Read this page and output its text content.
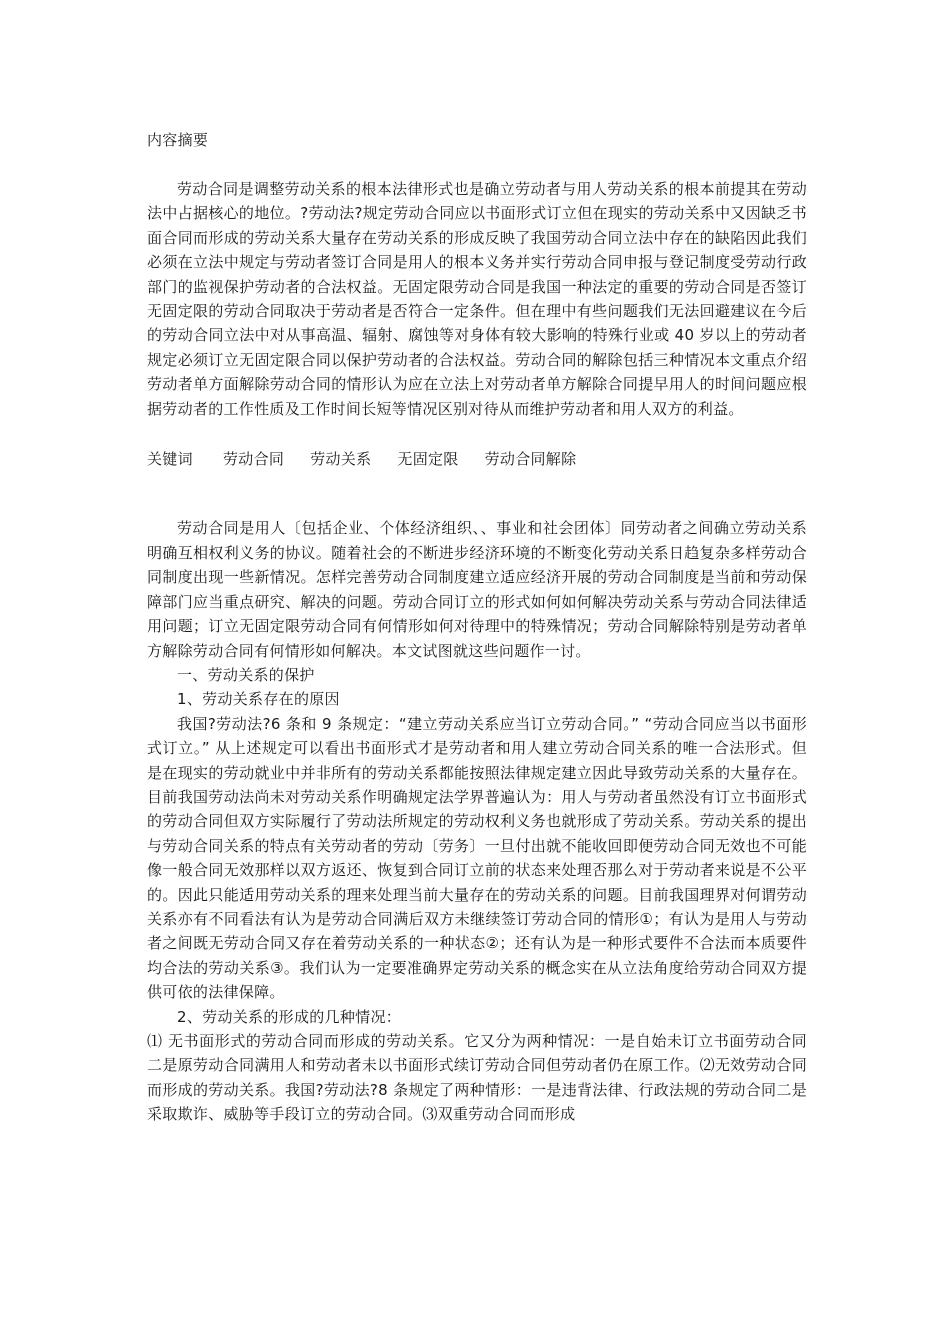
内容摘要

劳动合同是调整劳动关系的根本法律形式也是确立劳动者与用人劳动关系的根本前提其在劳动法中占据核心的地位。?劳动法?规定劳动合同应以书面形式订立但在现实的劳动关系中又因缺乏书面合同而形成的劳动关系大量存在劳动关系的形成反映了我国劳动合同立法中存在的缺陷因此我们必须在立法中规定与劳动者签订合同是用人的根本义务并实行劳动合同申报与登记制度受劳动行政部门的监视保护劳动者的合法权益。无固定限劳动合同是我国一种法定的重要的劳动合同是否签订无固定限的劳动合同取决于劳动者是否符合一定条件。但在理中有些问题我们无法回避建议在今后的劳动合同立法中对从事高温、辐射、腐蚀等对身体有较大影响的特殊行业或 40 岁以上的劳动者规定必须订立无固定限合同以保护劳动者的合法权益。劳动合同的解除包括三种情况本文重点介绍劳动者单方面解除劳动合同的情形认为应在立法上对劳动者单方解除合同提早用人的时间问题应根据劳动者的工作性质及工作时间长短等情况区别对待从而维护劳动者和用人双方的利益。

关键词 劳动合同 劳动关系 无固定限 劳动合同解除

劳动合同是用人〔包括企业、个体经济组织、、事业和社会团体〕同劳动者之间确立劳动关系明确互相权利义务的协议。随着社会的不断进步经济环境的不断变化劳动关系日趋复杂多样劳动合同制度出现一些新情况。怎样完善劳动合同制度建立适应经济开展的劳动合同制度是当前和劳动保障部门应当重点研究、解决的问题。劳动合同订立的形式如何如何解决劳动关系与劳动合同法律适用问题；订立无固定限劳动合同有何情形如何对待理中的特殊情况；劳动合同解除特别是劳动者单方解除劳动合同有何情形如何解决。本文试图就这些问题作一讨。

一、劳动关系的保护

1、劳动关系存在的原因

我国?劳动法?6 条和 9 条规定：“建立劳动关系应当订立劳动合同。” “劳动合同应当以书面形式订立。” 从上述规定可以看出书面形式才是劳动者和用人建立劳动合同关系的唯一合法形式。但是在现实的劳动就业中并非所有的劳动关系都能按照法律规定建立因此导致劳动关系的大量存在。目前我国劳动法尚未对劳动关系作明确规定法学界普遍认为：用人与劳动者虽然没有订立书面形式的劳动合同但双方实际履行了劳动法所规定的劳动权利义务也就形成了劳动关系。劳动关系的提出与劳动合同关系的特点有关劳动者的劳动〔劳务〕一旦付出就不能收回即便劳动合同无效也不可能像一般合同无效那样以双方返还、恢复到合同订立前的状态来处理否那么对于劳动者来说是不公平的。因此只能适用劳动关系的理来处理当前大量存在的劳动关系的问题。目前我国理界对何谓劳动关系亦有不同看法有认为是劳动合同满后双方未继续签订劳动合同的情形①；有认为是用人与劳动者之间既无劳动合同又存在着劳动关系的一种状态②；还有认为是一种形式要件不合法而本质要件均合法的劳动关系③。我们认为一定要准确界定劳动关系的概念实在从立法角度给劳动合同双方提供可依的法律保障。

2、劳动关系的形成的几种情况：

⑴ 无书面形式的劳动合同而形成的劳动关系。它又分为两种情况：一是自始未订立书面劳动合同二是原劳动合同满用人和劳动者未以书面形式续订劳动合同但劳动者仍在原工作。⑵无效劳动合同而形成的劳动关系。我国?劳动法?8 条规定了两种情形：一是违背法律、行政法规的劳动合同二是采取欺诈、威胁等手段订立的劳动合同。⑶双重劳动合同而形成
